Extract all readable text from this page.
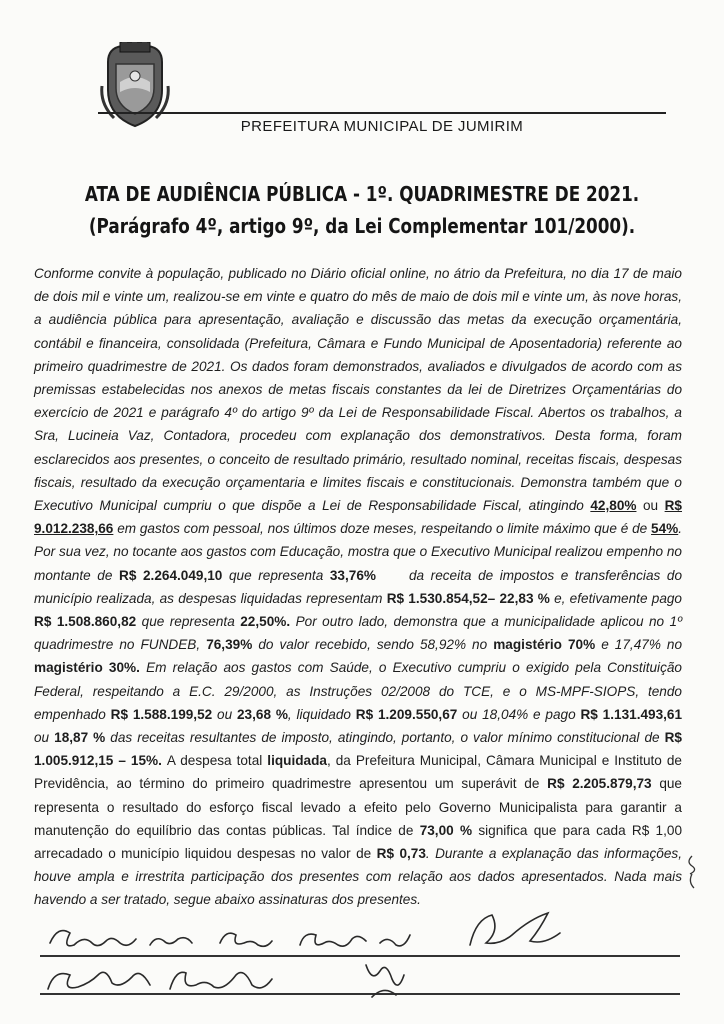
PREFEITURA MUNICIPAL DE JUMIRIM
ATA DE AUDIÊNCIA PÚBLICA - 1º. QUADRIMESTRE DE 2021.
(Parágrafo 4º, artigo 9º, da Lei Complementar 101/2000).
Conforme convite à população, publicado no Diário oficial online, no átrio da Prefeitura, no dia 17 de maio de dois mil e vinte um, realizou-se em vinte e quatro do mês de maio de dois mil e vinte um, às nove horas, a audiência pública para apresentação, avaliação e discussão das metas da execução orçamentária, contábil e financeira, consolidada (Prefeitura, Câmara e Fundo Municipal de Aposentadoria) referente ao primeiro quadrimestre de 2021. Os dados foram demonstrados, avaliados e divulgados de acordo com as premissas estabelecidas nos anexos de metas fiscais constantes da lei de Diretrizes Orçamentárias do exercício de 2021 e parágrafo 4º do artigo 9º da Lei de Responsabilidade Fiscal. Abertos os trabalhos, a Sra, Lucineia Vaz, Contadora, procedeu com explanação dos demonstrativos. Desta forma, foram esclarecidos aos presentes, o conceito de resultado primário, resultado nominal, receitas fiscais, despesas fiscais, resultado da execução orçamentaria e limites fiscais e constitucionais. Demonstra também que o Executivo Municipal cumpriu o que dispõe a Lei de Responsabilidade Fiscal, atingindo 42,80% ou R$ 9.012.238,66 em gastos com pessoal, nos últimos doze meses, respeitando o limite máximo que é de 54%. Por sua vez, no tocante aos gastos com Educação, mostra que o Executivo Municipal realizou empenho no montante de R$ 2.264.049,10 que representa 33,76% da receita de impostos e transferências do município realizada, as despesas liquidadas representam R$ 1.530.854,52– 22,83 % e, efetivamente pago R$ 1.508.860,82 que representa 22,50%. Por outro lado, demonstra que a municipalidade aplicou no 1º quadrimestre no FUNDEB, 76,39% do valor recebido, sendo 58,92% no magistério 70% e 17,47% no magistério 30%. Em relação aos gastos com Saúde, o Executivo cumpriu o exigido pela Constituição Federal, respeitando a E.C. 29/2000, as Instruções 02/2008 do TCE, e o MS-MPF-SIOPS, tendo empenhado R$ 1.588.199,52 ou 23,68 %, liquidado R$ 1.209.550,67 ou 18,04% e pago R$ 1.131.493,61 ou 18,87 % das receitas resultantes de imposto, atingindo, portanto, o valor mínimo constitucional de R$ 1.005.912,15 – 15%. A despesa total liquidada, da Prefeitura Municipal, Câmara Municipal e Instituto de Previdência, ao término do primeiro quadrimestre apresentou um superávit de R$ 2.205.879,73 que representa o resultado do esforço fiscal levado a efeito pelo Governo Municipalista para garantir a manutenção do equilíbrio das contas públicas. Tal índice de 73,00 % significa que para cada R$ 1,00 arrecadado o município liquidou despesas no valor de R$ 0,73. Durante a explanação das informações, houve ampla e irrestrita participação dos presentes com relação aos dados apresentados. Nada mais havendo a ser tratado, segue abaixo assinaturas dos presentes.
